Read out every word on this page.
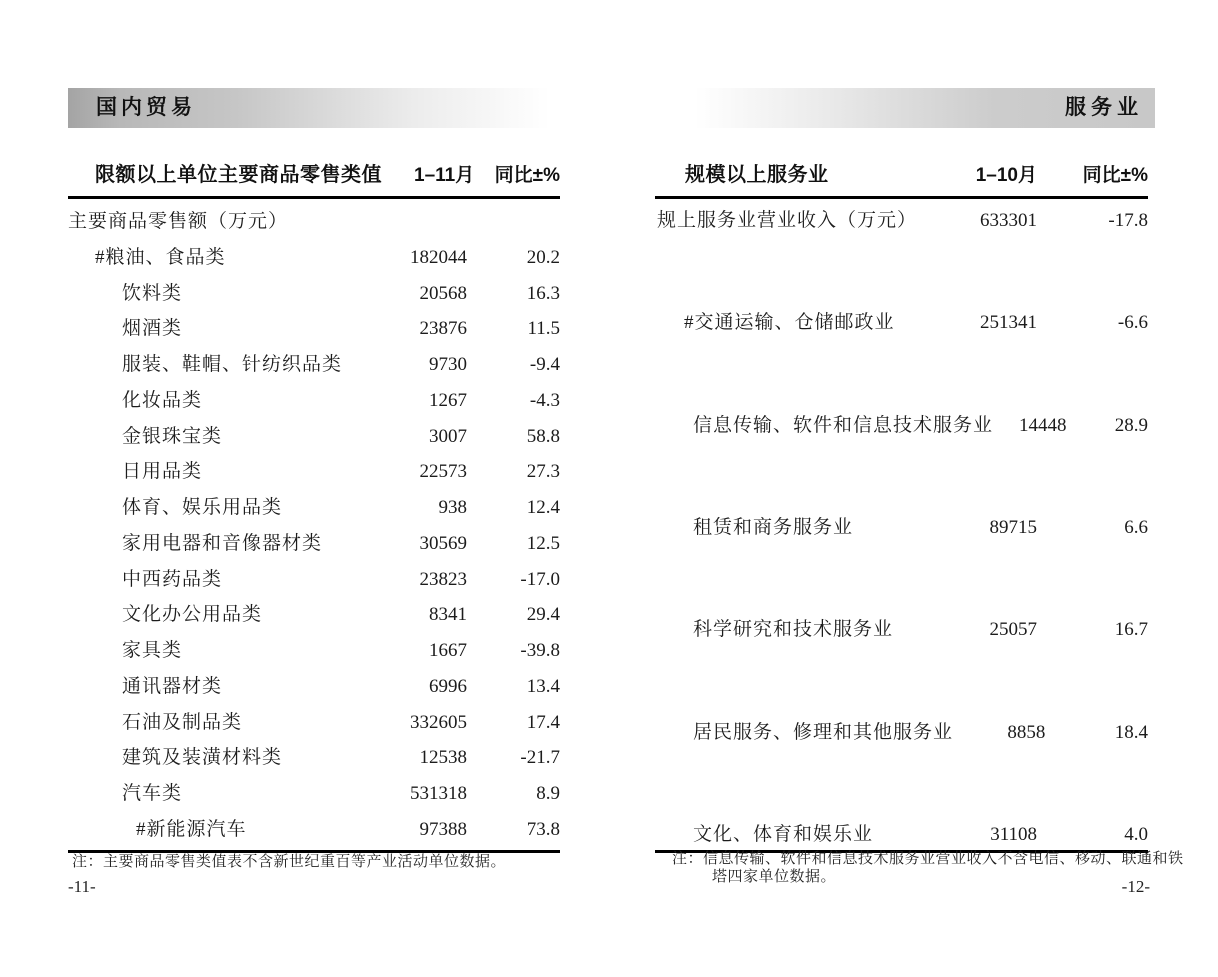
国内贸易	服务业
限额以上单位主要商品零售类值	1–11月	同比±%
主要商品零售额（万元）
#粮油、食品类	182044	20.2
饮料类	20568	16.3
烟酒类	23876	11.5
服装、鞋帽、针纺织品类	9730	-9.4
化妆品类	1267	-4.3
金银珠宝类	3007	58.8
日用品类	22573	27.3
体育、娱乐用品类	938	12.4
家用电器和音像器材类	30569	12.5
中西药品类	23823	-17.0
文化办公用品类	8341	29.4
家具类	1667	-39.8
通讯器材类	6996	13.4
石油及制品类	332605	17.4
建筑及装潢材料类	12538	-21.7
汽车类	531318	8.9
#新能源汽车	97388	73.8
规模以上服务业	1–10月	同比±%
规上服务业营业收入（万元）	633301	-17.8
#交通运输、仓储邮政业	251341	-6.6
信息传输、软件和信息技术服务业	14448	28.9
租赁和商务服务业	89715	6.6
科学研究和技术服务业	25057	16.7
居民服务、修理和其他服务业	8858	18.4
文化、体育和娱乐业	31108	4.0
注：主要商品零售类值表不含新世纪重百等产业活动单位数据。	注：信息传输、软件和信息技术服务业营业收入不含电信、移动、联通和铁塔四家单位数据。
-11-	-12-
